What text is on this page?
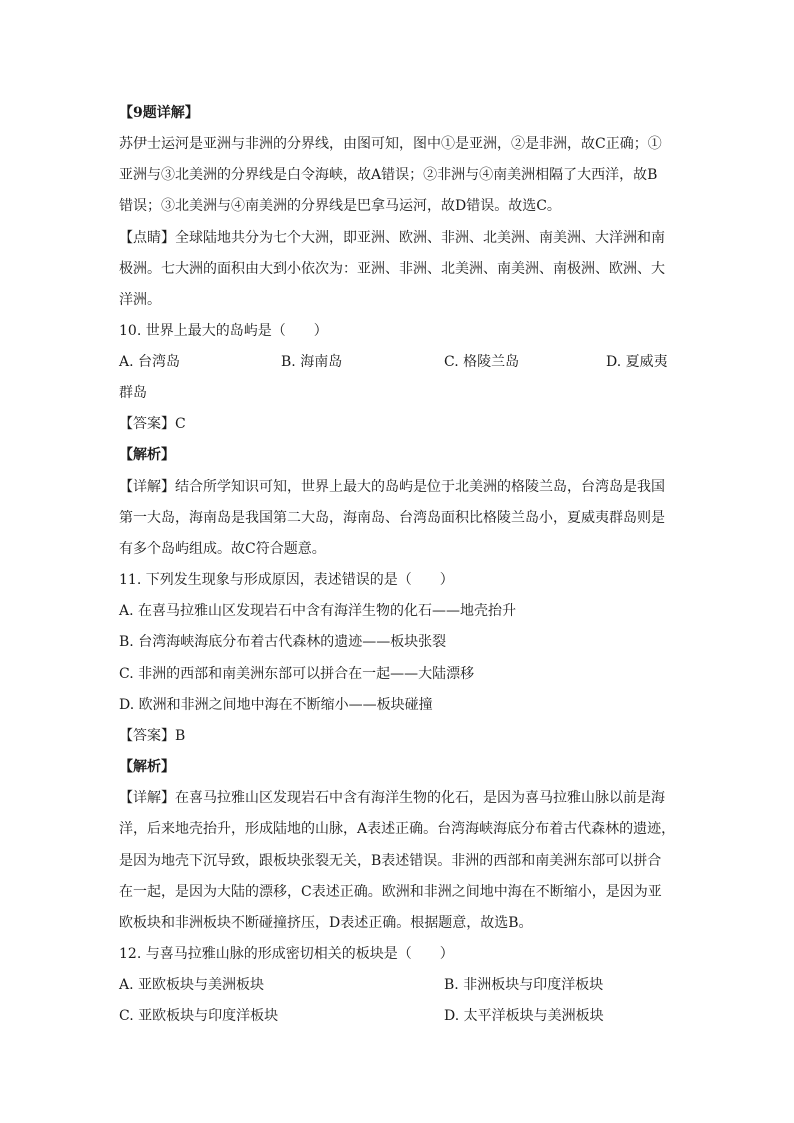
【9题详解】
苏伊士运河是亚洲与非洲的分界线，由图可知，图中①是亚洲，②是非洲，故C正确；①
亚洲与③北美洲的分界线是白令海峡，故A错误；②非洲与④南美洲相隔了大西洋，故B
错误；③北美洲与④南美洲的分界线是巴拿马运河，故D错误。故选C。
【点睛】全球陆地共分为七个大洲，即亚洲、欧洲、非洲、北美洲、南美洲、大洋洲和南
极洲。七大洲的面积由大到小依次为：亚洲、非洲、北美洲、南美洲、南极洲、欧洲、大
洋洲。
10. 世界上最大的岛屿是（　　）
A. 台湾岛	B. 海南岛	C. 格陵兰岛	D. 夏威夷
群岛
【答案】C
【解析】
【详解】结合所学知识可知，世界上最大的岛屿是位于北美洲的格陵兰岛，台湾岛是我国
第一大岛，海南岛是我国第二大岛，海南岛、台湾岛面积比格陵兰岛小，夏威夷群岛则是
有多个岛屿组成。故C符合题意。
11. 下列发生现象与形成原因，表述错误的是（　　）
A. 在喜马拉雅山区发现岩石中含有海洋生物的化石——地壳抬升
B. 台湾海峡海底分布着古代森林的遗迹——板块张裂
C. 非洲的西部和南美洲东部可以拼合在一起——大陆漂移
D. 欧洲和非洲之间地中海在不断缩小——板块碰撞
【答案】B
【解析】
【详解】在喜马拉雅山区发现岩石中含有海洋生物的化石，是因为喜马拉雅山脉以前是海
洋，后来地壳抬升，形成陆地的山脉，A表述正确。台湾海峡海底分布着古代森林的遗迹，
是因为地壳下沉导致，跟板块张裂无关，B表述错误。非洲的西部和南美洲东部可以拼合
在一起，是因为大陆的漂移，C表述正确。欧洲和非洲之间地中海在不断缩小，是因为亚
欧板块和非洲板块不断碰撞挤压，D表述正确。根据题意，故选B。
12. 与喜马拉雅山脉的形成密切相关的板块是（　　）
A. 亚欧板块与美洲板块	B. 非洲板块与印度洋板块
C. 亚欧板块与印度洋板块	D. 太平洋板块与美洲板块
